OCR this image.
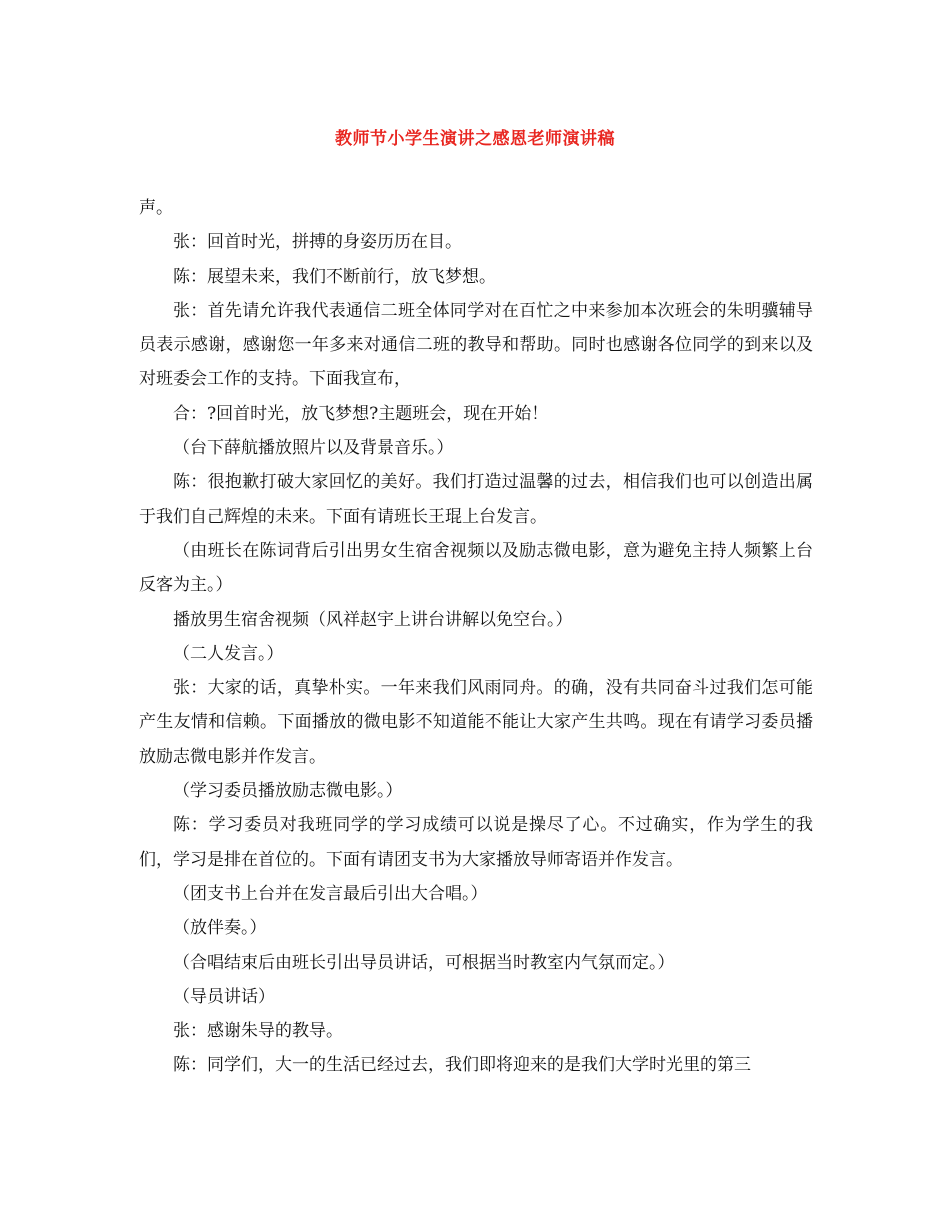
教师节小学生演讲之感恩老师演讲稿

声。

张：回首时光，拼搏的身姿历历在目。

陈：展望未来，我们不断前行，放飞梦想。

张：首先请允许我代表通信二班全体同学对在百忙之中来参加本次班会的朱明骥辅导员表示感谢，感谢您一年多来对通信二班的教导和帮助。同时也感谢各位同学的到来以及对班委会工作的支持。下面我宣布，

合：?回首时光，放飞梦想?主题班会，现在开始！

（台下薛航播放照片以及背景音乐。）

陈：很抱歉打破大家回忆的美好。我们打造过温馨的过去，相信我们也可以创造出属于我们自己辉煌的未来。下面有请班长王琨上台发言。

（由班长在陈词背后引出男女生宿舍视频以及励志微电影，意为避免主持人频繁上台反客为主。）

播放男生宿舍视频（风祥赵宇上讲台讲解以免空台。）

（二人发言。）

张：大家的话，真挚朴实。一年来我们风雨同舟。的确，没有共同奋斗过我们怎可能产生友情和信赖。下面播放的微电影不知道能不能让大家产生共鸣。现在有请学习委员播放励志微电影并作发言。

（学习委员播放励志微电影。）

陈：学习委员对我班同学的学习成绩可以说是操尽了心。不过确实，作为学生的我们，学习是排在首位的。下面有请团支书为大家播放导师寄语并作发言。

（团支书上台并在发言最后引出大合唱。）

（放伴奏。）

（合唱结束后由班长引出导员讲话，可根据当时教室内气氛而定。）

（导员讲话）

张：感谢朱导的教导。

陈：同学们，大一的生活已经过去，我们即将迎来的是我们大学时光里的第三
